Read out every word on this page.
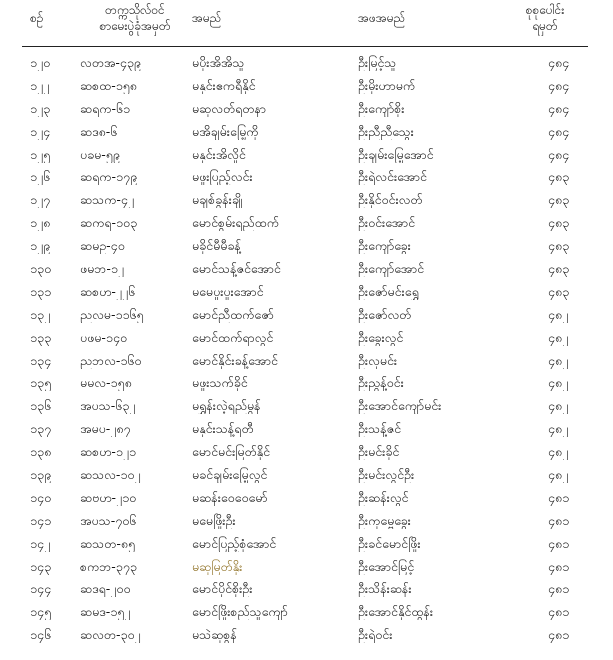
စဉ်
တက္ကသိုလ်ဝင်
စာမေးပွဲခုံအမှတ်
အမည်	အဖအမည်
စုစုပေါင်း
ရမှတ်
၁၂၀	လတအ-၄၃၉	မပိုးအိအိသူ	ဦးမြင့်သူ	၄၈၄
၁၂၂	ဆစထ-၁၅၈	မနှင်းဧကရီနိုင်	ဦးမိုးဟာမက်	၄၈၄
၁၂၃	ဆရက-၆၁	မဆုလတ်ရတနာ	ဦးကျော်စိုး	၄၈၄
၁၂၄	ဆဒ၈-၆	မအိချမ်းမြေ့ကို	ဦးညီညီသွေး	၄၈၄
၁၂၅	ပခမ-၅၉	မနှင်းအိလှိုင်	ဦးချမ်းမြေ့အောင်	၄၈၄
၁၂၆	ဆရက-၁၇၉	မဖူးပြည့်လင်း	ဦးရဲလင်းအောင်	၄၈၃
၁၂၇	ဆသက-၄၂	မချစ်ခွန်းချို	ဦးနိုင်ဝင်းလတ်	၄၈၃
၁၂၈	ဆကရ-၁၀၃	မောင်စွမ်းရည်ထက်	ဦးဝင်းအောင်	၄၈၃
၁၂၉	ဆမဥ-၄၀	မခိုင်မီမီခန့်	ဦးကျော်ခွေး	၄၈၃
၁၃၀	ဖမဘ-၁၂	မောင်သန့်ဇင်အောင်	ဦးကျော်အောင်	၄၈၃
၁၃၁	ဆစဟ-၂၂၆	မမေပူးပူးအောင်	ဦးဇော်မင်းရွှေ	၄၈၃
၁၃၂	ညလမ-၁၁၆၅	မောင်ညီထက်ဇော်	ဦးဇော်လတ်	၄၈၂
၁၃၃	ပဖမ-၁၄၀	မောင်ထက်ရာလွင်	ဦးခွေးလွင်	၄၈၂
၁၃၄	ညဘလ-၁၆၀	မောင်နိုင်းခန့်အောင်	ဦးလှမင်း	၄၈၂
၁၃၅	မမလ-၁၅၈	မဖူးသက်ခိုင်	ဦးညွန့်ဝင်း	၄၈၂
၁၃၆	အပသ-၆၃၂	မရွှန်းလဲ့ရည်မွန်	ဦးအောင်ကျော်မင်း	၄၈၂
၁၃၇	အမပ-၂၈၇	မနှင်းသန့်ရတီ	ဦးသန့်ဇင်	၄၈၂
၁၃၈	ဆစဟ-၁၂၁	မောင်မင်းမြတ်နိုင်	ဦးမင်းခိုင်	၄၈၂
၁၃၉	ဆသလ-၁၀၂	မခင်ချမ်းမြေ့လွင်	ဦးမင်းလွင်ဦး	၄၈၂
၁၄၀	ဆဗဟ-၂၁၀	မဆန်းဝေဝေမော်	ဦးဆန်းလွင်	၄၈၁
၁၄၁	အပသ-၇၀၆	မမေဖြိုးဦး	ဦးကုမ္ဗေခွေး	၄၈၁
၁၄၂	ဆသတ-၈၅	မောင်ပြည့်စုံအောင်	ဦးခင်မောင်ဖြိုး	၄၈၁
၁၄၃	စကဘ-၃၇၃	မဆုမြတ်နိုး	ဦးအောင်မြင့်	၄၈၁
၁၄၄	ဆဒရ-၂၀၀	မောင်ပိုင်စိုးဦး	ဦးသိန်းဆန်း	၄၈၁
၁၄၅	ဆမဒ-၁၅၂	မောင်ဖြိုးစည်သူကျော်	ဦးအောင်နိုင်ထွန်း	၄၈၁
၁၄၆	ဆလတ-၃၀၂	မသဲဆုစွန်	ဦးရဲဝင်း	၄၈၁
